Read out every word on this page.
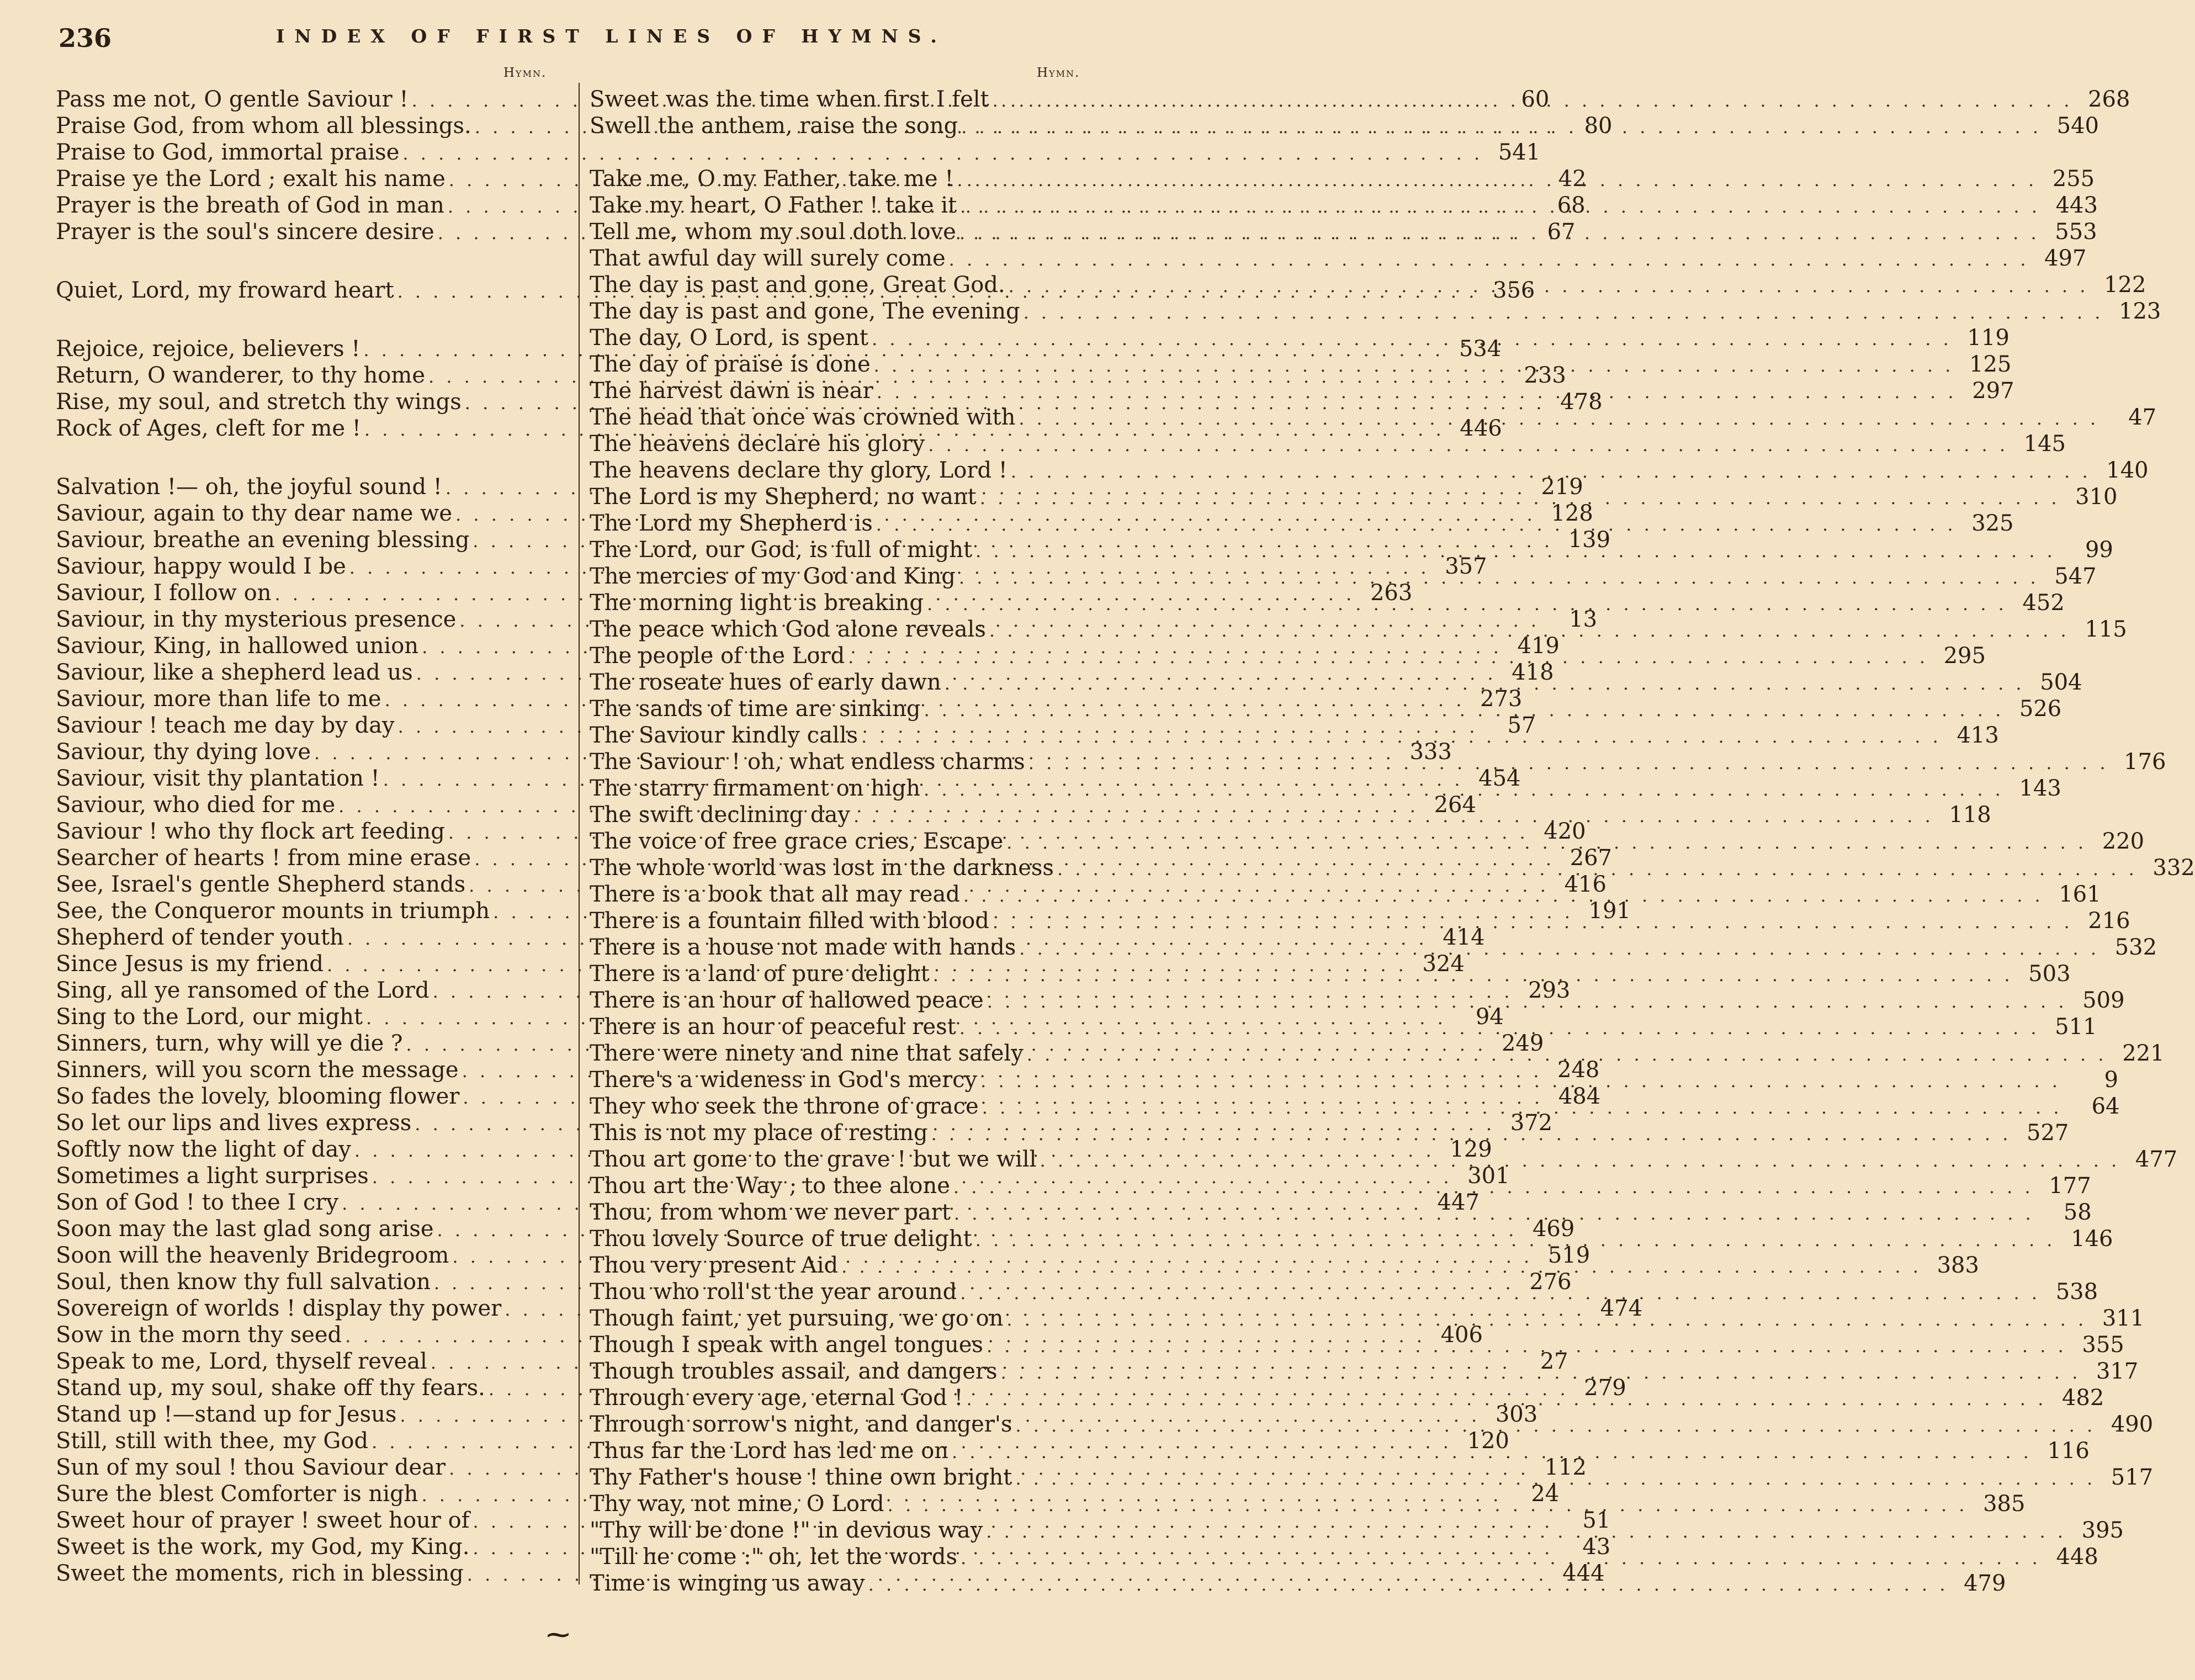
236	INDEX OF FIRST LINES OF HYMNS.
Hymn.	Hymn.
Pass me not, O gentle Saviour ! . . .	60
Praise God, from whom all blessings. . . .	80
Praise to God, immortal praise . . .	541
Praise ye the Lord ; exalt his name . . .	42
Prayer is the breath of God in man . . .	68
Prayer is the soul's sincere desire . . .	67
Quiet, Lord, my froward heart . . .	356
Rejoice, rejoice, believers ! . . .	534
Return, O wanderer, to thy home . . .	233
Rise, my soul, and stretch thy wings . . .	478
Rock of Ages, cleft for me ! . . .	446
Salvation !— oh, the joyful sound ! . . .	219
Saviour, again to thy dear name we . . .	128
Saviour, breathe an evening blessing . . .	139
Saviour, happy would I be . . .	357
Saviour, I follow on . . .	263
Saviour, in thy mysterious presence . . .	13
Saviour, King, in hallowed union . . .	419
Saviour, like a shepherd lead us . . .	418
Saviour, more than life to me . . .	273
Saviour ! teach me day by day . . .	57
Saviour, thy dying love . . .	333
Saviour, visit thy plantation ! . . .	454
Saviour, who died for me . . .	264
Saviour ! who thy flock art feeding . . .	420
Searcher of hearts ! from mine erase . . .	267
See, Israel's gentle Shepherd stands . . .	416
See, the Conqueror mounts in triumph . . .	191
Shepherd of tender youth . . .	414
Since Jesus is my friend . . .	324
Sing, all ye ransomed of the Lord . . .	293
Sing to the Lord, our might . . .	94
Sinners, turn, why will ye die ? . . .	249
Sinners, will you scorn the message . . .	248
So fades the lovely, blooming flower . . .	484
So let our lips and lives express . . .	372
Softly now the light of day . . .	129
Sometimes a light surprises . . .	301
Son of God ! to thee I cry . . .	447
Soon may the last glad song arise . . .	469
Soon will the heavenly Bridegroom . . .	519
Soul, then know thy full salvation . . .	276
Sovereign of worlds ! display thy power . . .	474
Sow in the morn thy seed . . .	406
Speak to me, Lord, thyself reveal . . .	27
Stand up, my soul, shake off thy fears. . . .	279
Stand up !—stand up for Jesus . . .	303
Still, still with thee, my God . . .	120
Sun of my soul ! thou Saviour dear . . .	112
Sure the blest Comforter is nigh . . .	24
Sweet hour of prayer ! sweet hour of . . .	51
Sweet is the work, my God, my King. . . .	43
Sweet the moments, rich in blessing . . .	444
Sweet was the time when first I felt . . .	268
Swell the anthem, raise the song . . .	540
Take me, O my Father, take me ! . . .	255
Take my heart, O Father ! take it . . .	443
Tell me, whom my soul doth love . . .	553
That awful day will surely come . . .	497
The day is past and gone, Great God. . . .	122
The day is past and gone, The evening . . .	123
The day, O Lord, is spent . . .	119
The day of praise is done . . .	125
The harvest dawn is near . . .	297
The head that once was crowned with . . .	47
The heavens declare his glory . . .	145
The heavens declare thy glory, Lord ! . . .	140
The Lord is my Shepherd, no want . . .	310
The Lord my Shepherd is . . .	325
The Lord, our God, is full of might . . .	99
The mercies of my God and King . . .	547
The morning light is breaking . . .	452
The peace which God alone reveals . . .	115
The people of the Lord . . .	295
The roseate hues of early dawn . . .	504
The sands of time are sinking . . .	526
The Saviour kindly calls . . .	413
The Saviour ! oh, what endless charms . . .	176
The starry firmament on high . . .	143
The swift declining day . . .	118
The voice of free grace cries, Escape . . .	220
The whole world was lost in the darkness . . .	332
There is a book that all may read . . .	161
There is a fountain filled with blood . . .	216
There is a house not made with hands . . .	532
There is a land of pure delight . . .	503
There is an hour of hallowed peace . . .	509
There is an hour of peaceful rest . . .	511
There were ninety and nine that safely . . .	221
There's a wideness in God's mercy . . .	9
They who seek the throne of grace . . .	64
This is not my place of resting . . .	527
Thou art gone to the grave ! but we will . . .	477
Thou art the Way ; to thee alone . . .	177
Thou, from whom we never part . . .	58
Thou lovely Source of true delight . . .	146
Thou very present Aid . . .	383
Thou who roll'st the year around . . .	538
Though faint, yet pursuing, we go on . . .	311
Though I speak with angel tongues . . .	355
Though troubles assail, and dangers . . .	317
Through every age, eternal God ! . . .	482
Through sorrow's night, and danger's . . .	490
Thus far the Lord has led me on . . .	116
Thy Father's house ! thine own bright . . .	517
Thy way, not mine, O Lord . . .	385
"Thy will be done !" in devious way . . .	395
"Till he come :" oh, let the words . . .	448
Time is winging us away . . .	479
⁓
